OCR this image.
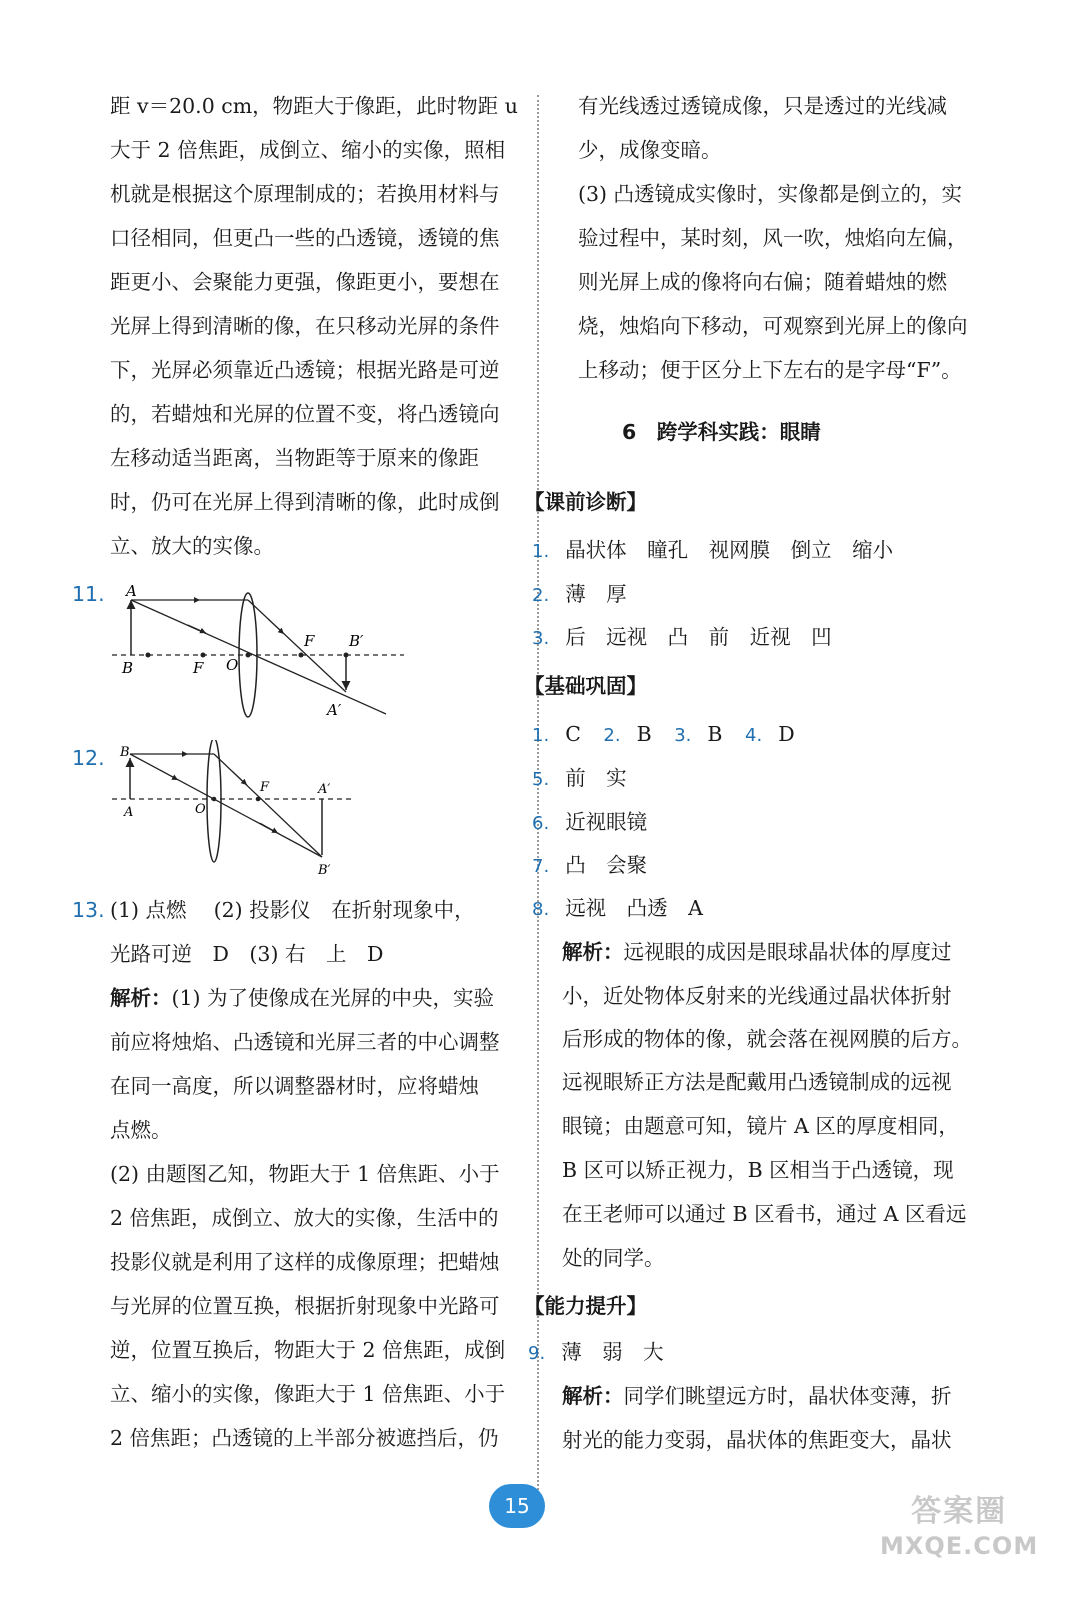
距 v＝20.0 cm，物距大于像距，此时物距 u

大于 2 倍焦距，成倒立、缩小的实像，照相

机就是根据这个原理制成的；若换用材料与

口径相同，但更凸一些的凸透镜，透镜的焦

距更小、会聚能力更强，像距更小，要想在

光屏上得到清晰的像，在只移动光屏的条件

下，光屏必须靠近凸透镜；根据光路是可逆

的，若蜡烛和光屏的位置不变，将凸透镜向

左移动适当距离，当物距等于原来的像距

时，仍可在光屏上得到清晰的像，此时成倒

立、放大的实像。

11. A
B	F O
F B′
A′

12. B
A	O
F	A′
B′

13. (1) 点燃　 (2) 投影仪　在折射现象中，

光路可逆　D　(3) 右　上　D

解析：(1) 为了使像成在光屏的中央，实验

前应将烛焰、凸透镜和光屏三者的中心调整

在同一高度，所以调整器材时，应将蜡烛

点燃。

(2) 由题图乙知，物距大于 1 倍焦距、小于

2 倍焦距，成倒立、放大的实像，生活中的

投影仪就是利用了这样的成像原理；把蜡烛

与光屏的位置互换，根据折射现象中光路可

逆，位置互换后，物距大于 2 倍焦距，成倒

立、缩小的实像，像距大于 1 倍焦距、小于

2 倍焦距；凸透镜的上半部分被遮挡后，仍

有光线透过透镜成像，只是透过的光线减

少，成像变暗。

(3) 凸透镜成实像时，实像都是倒立的，实

验过程中，某时刻，风一吹，烛焰向左偏，

则光屏上成的像将向右偏；随着蜡烛的燃

烧，烛焰向下移动，可观察到光屏上的像向

上移动；便于区分上下左右的是字母“F”。

6　跨学科实践：眼睛

【课前诊断】

1. 晶状体　瞳孔　视网膜　倒立　缩小

2. 薄　厚

3. 后　远视　凸　前　近视　凹

【基础巩固】

1. C 2. B 3. B 4. D

5. 前　实

6. 近视眼镜

7. 凸　会聚

8. 远视　凸透　A

解析：远视眼的成因是眼球晶状体的厚度过

小，近处物体反射来的光线通过晶状体折射

后形成的物体的像，就会落在视网膜的后方。

远视眼矫正方法是配戴用凸透镜制成的远视

眼镜；由题意可知，镜片 A 区的厚度相同，

B 区可以矫正视力，B 区相当于凸透镜，现

在王老师可以通过 B 区看书，通过 A 区看远

处的同学。

【能力提升】

9. 薄　弱　大

解析：同学们眺望远方时，晶状体变薄，折

射光的能力变弱，晶状体的焦距变大，晶状

15	答案圈
MXQE.COM
